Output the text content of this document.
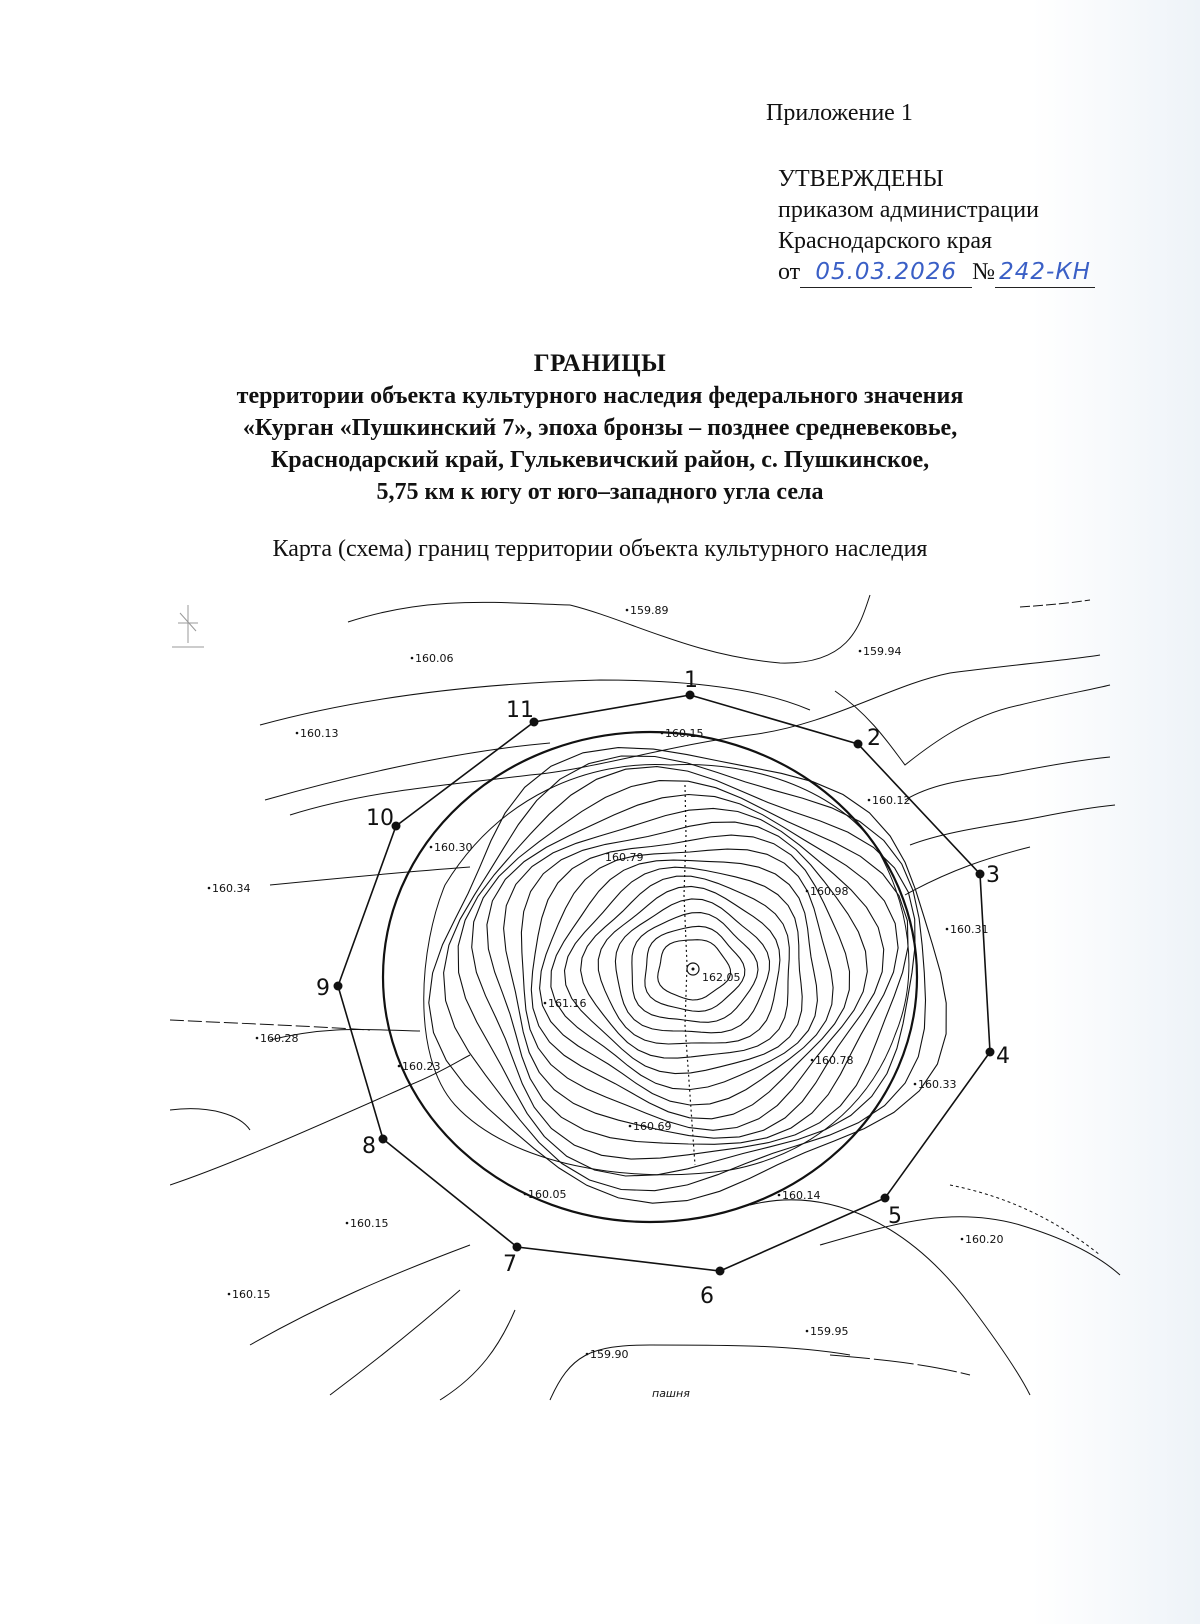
Приложение 1
УТВЕРЖДЕНЫ
приказом администрации
Краснодарского края
от 05.03.2026 № 242-КН
ГРАНИЦЫ
территории объекта культурного наследия федерального значения
«Курган «Пушкинский 7», эпоха бронзы – позднее средневековье,
Краснодарский край, Гулькевичский район, с. Пушкинское,
5,75 км к югу от юго–западного угла села
Карта (схема) границ территории объекта культурного наследия
1
2
3
4
5
6
7
8
9
10
11
159.89
159.94
160.06
160.13	160.15
160.12
160.30
160.79
160.98
160.34
160.31
162.05
161.16
160.28
160.23	160.78
160.33
160.69
160.05	160.14
160.15
160.20
160.15
159.95
159.90
пашня
